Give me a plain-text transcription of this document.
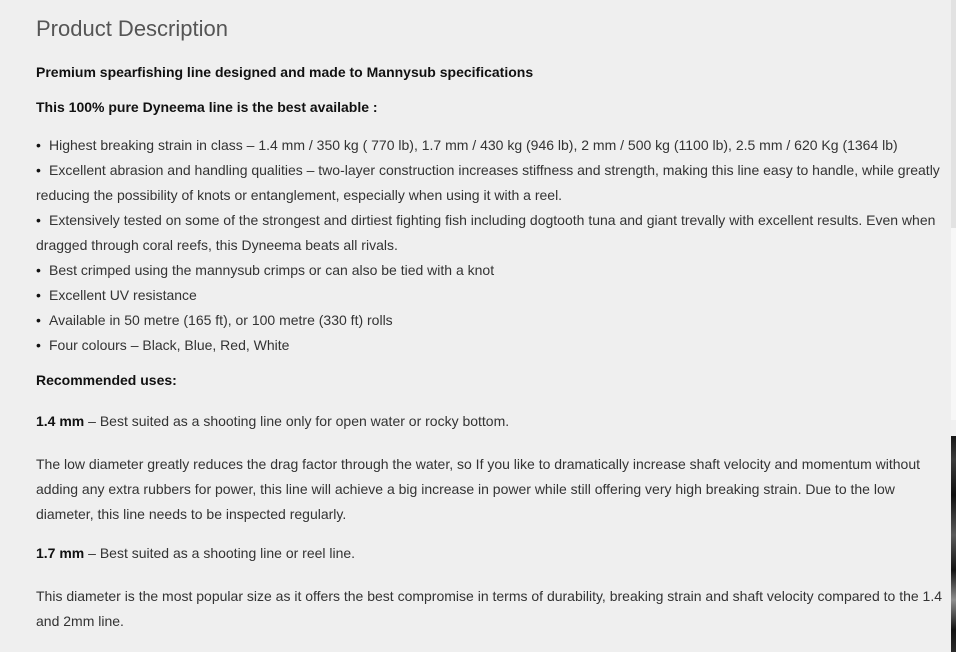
Product Description

Premium spearfishing line designed and made to Mannysub specifications

This 100% pure Dyneema line is the best available :

• Highest breaking strain in class – 1.4 mm / 350 kg ( 770 lb), 1.7 mm / 430 kg (946 lb), 2 mm / 500 kg (1100 lb), 2.5 mm / 620 Kg (1364 lb)
• Excellent abrasion and handling qualities – two-layer construction increases stiffness and strength, making this line easy to handle, while greatly reducing the possibility of knots or entanglement, especially when using it with a reel.
• Extensively tested on some of the strongest and dirtiest fighting fish including dogtooth tuna and giant trevally with excellent results. Even when dragged through coral reefs, this Dyneema beats all rivals.
• Best crimped using the mannysub crimps or can also be tied with a knot
• Excellent UV resistance
• Available in 50 metre (165 ft), or 100 metre (330 ft) rolls
• Four colours – Black, Blue, Red, White

Recommended uses:

1.4 mm – Best suited as a shooting line only for open water or rocky bottom.

The low diameter greatly reduces the drag factor through the water, so If you like to dramatically increase shaft velocity and momentum without adding any extra rubbers for power, this line will achieve a big increase in power while still offering very high breaking strain. Due to the low diameter, this line needs to be inspected regularly.

1.7 mm – Best suited as a shooting line or reel line.

This diameter is the most popular size as it offers the best compromise in terms of durability, breaking strain and shaft velocity compared to the 1.4 and 2mm line.
